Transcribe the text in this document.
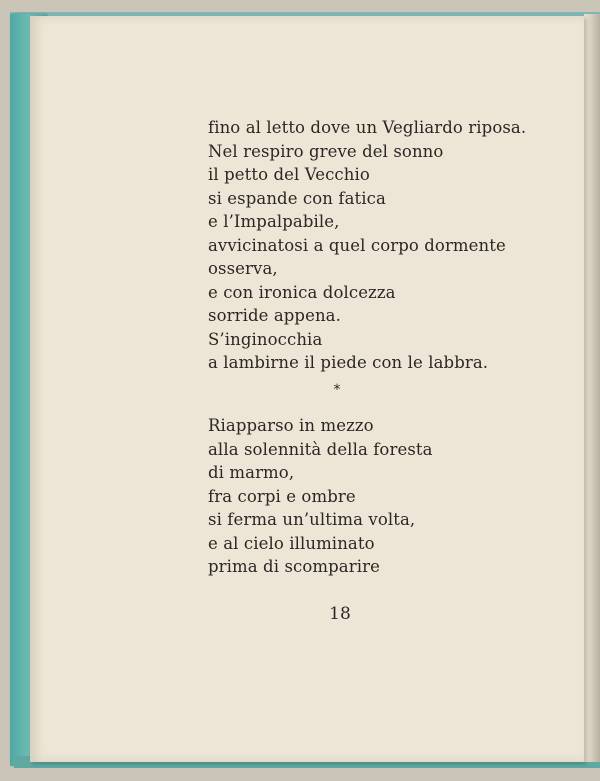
fino al letto dove un Vegliardo riposa.
Nel respiro greve del sonno
il petto del Vecchio
si espande con fatica
e l’Impalpabile,
avvicinatosi a quel corpo dormente
osserva,
e con ironica dolcezza
sorride appena.
S’inginocchia
a lambirne il piede con le labbra.
*
Riapparso in mezzo
alla solennità della foresta
di marmo,
fra corpi e ombre
si ferma un’ultima volta,
e al cielo illuminato
prima di scomparire
18
